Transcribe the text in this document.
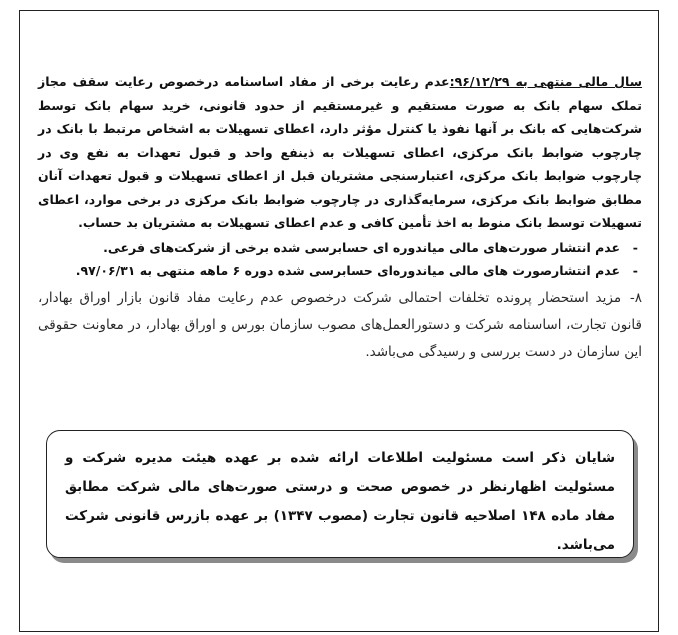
سال مالی منتهی به ۹۶/۱۲/۲۹:عدم رعایت برخی از مفاد اساسنامه درخصوص رعایت سقف مجاز تملک سهام بانک به صورت مستقیم و غیرمستقیم از حدود قانونی، خرید سهام بانک توسط شرکت‌هایی که بانک بر آنها نفوذ یا کنترل مؤثر دارد، اعطای تسهیلات به اشخاص مرتبط با بانک در چارچوب ضوابط بانک مرکزی، اعطای تسهیلات به ذینفع واحد و قبول تعهدات به نفع وی در چارچوب ضوابط بانک مرکزی، اعتبارسنجی مشتریان قبل از اعطای تسهیلات و قبول تعهدات آنان مطابق ضوابط بانک مرکزی، سرمایه‌گذاری در چارچوب ضوابط بانک مرکزی در برخی موارد، اعطای تسهیلات توسط بانک منوط به اخذ تأمین کافی و عدم اعطای تسهیلات به مشتریان بد حساب.

-
عدم انتشار صورت‌های مالی میاندوره ای حسابرسی شده برخی از شرکت‌های فرعی.
-
عدم انتشارصورت های مالی میاندوره‌ای حسابرسی شده دوره ۶ ماهه منتهی به ۹۷/۰۶/۳۱.

۸- مزید استحضار پرونده تخلفات احتمالی شرکت درخصوص عدم رعایت مفاد قانون بازار اوراق بهادار، قانون تجارت، اساسنامه شرکت و دستورالعمل‌های مصوب سازمان بورس و اوراق بهادار، در معاونت حقوقی این سازمان در دست بررسی و رسیدگی می‌باشد.

شایان ذکر است مسئولیت اطلاعات ارائه شده بر عهده هیئت مدیره شرکت و مسئولیت اظهارنظر در خصوص صحت و درستی صورت‌های مالی شرکت مطابق مفاد ماده ۱۴۸ اصلاحیه قانون تجارت (مصوب ۱۳۴۷) بر عهده بازرس قانونی شرکت می‌باشد.
